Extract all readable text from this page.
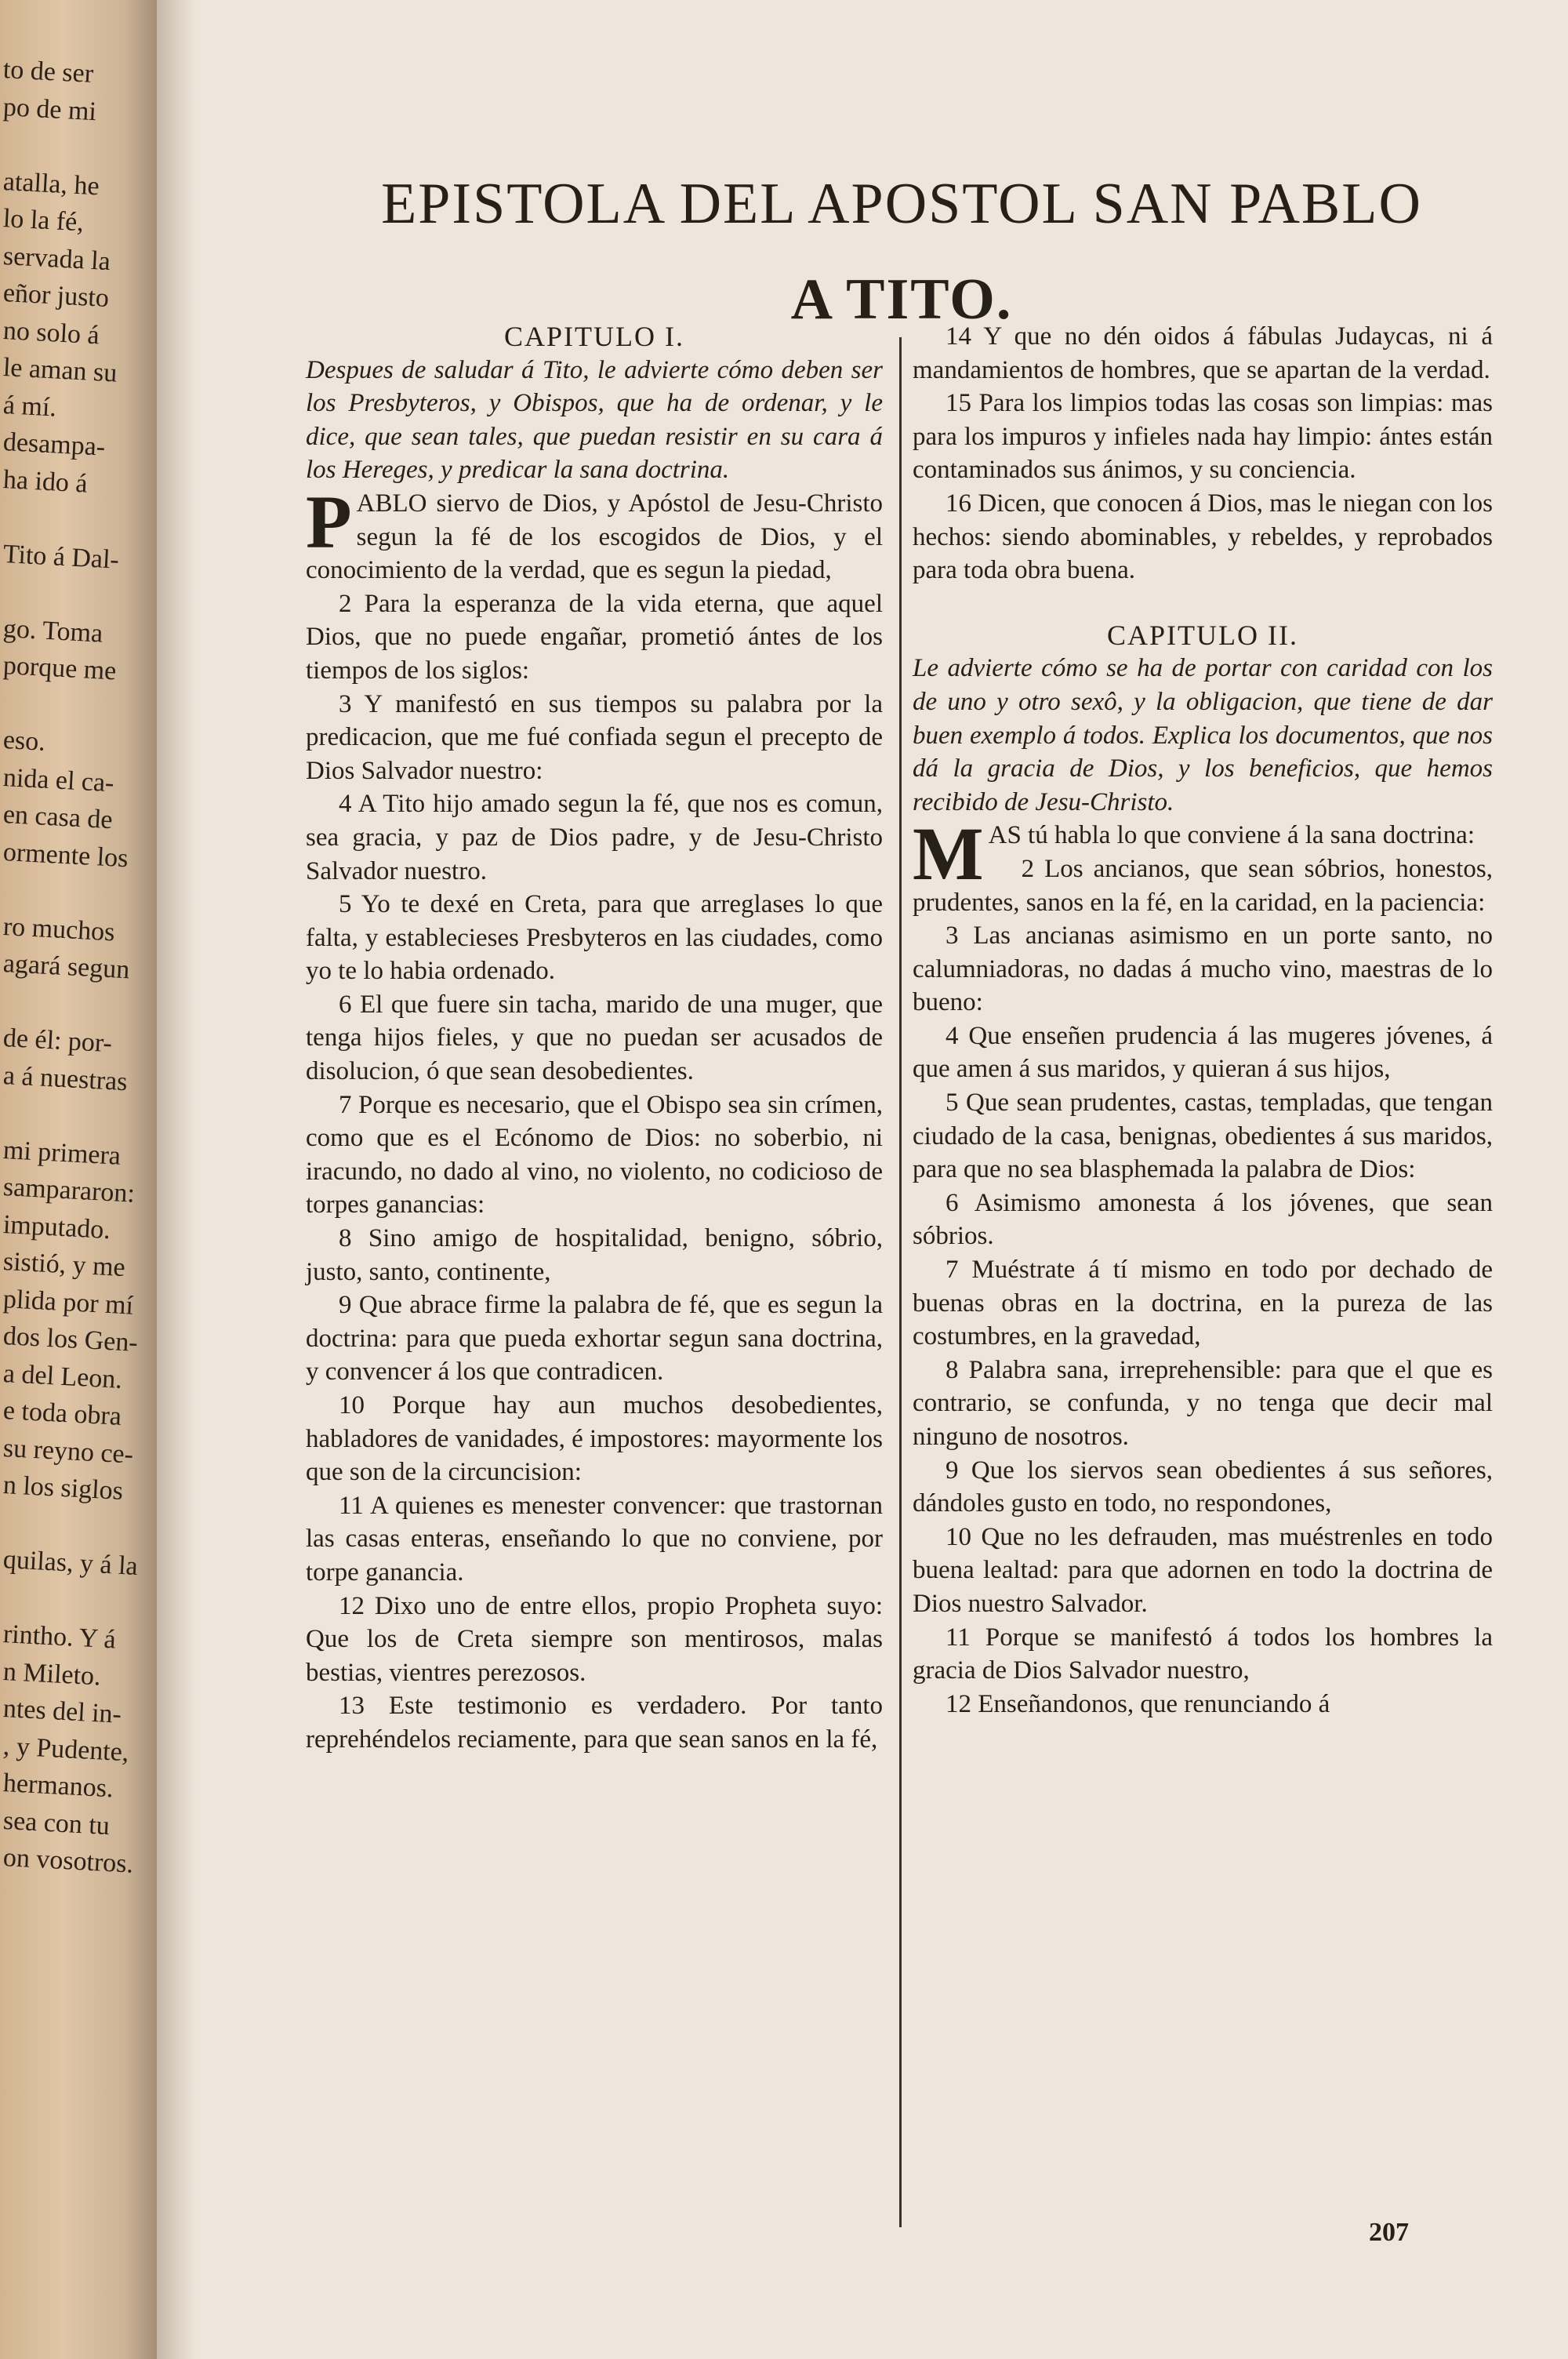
to de ser
po de mi
atalla, he
lo la fé,
servada la
eñor justo
no solo á
le aman su
á mí.
desampa-
ha ido á
Tito á Dal-
go. Toma
porque me
eso.
nida el ca-
en casa de
ormente los
ro muchos
agará segun
de él: por-
a á nuestras
mi primera
sampararon:
imputado.
sistió, y me
plida por mí
dos los Gen-
a del Leon.
e toda obra
su reyno ce-
n los siglos
quilas, y á la
rintho. Y á
n Mileto.
ntes del in-
, y Pudente,
hermanos.
sea con tu
on vosotros.
EPISTOLA DEL APOSTOL SAN PABLO
A TITO.

CAPITULO I.

Despues de saludar á Tito, le advierte cómo deben ser los Presbyteros, y Obispos, que ha de ordenar, y le dice, que sean tales, que puedan resistir en su cara á los Hereges, y predicar la sana doctrina.

PABLO siervo de Dios, y Apóstol de Jesu-Christo segun la fé de los escogidos de Dios, y el conocimiento de la verdad, que es segun la piedad,

2 Para la esperanza de la vida eterna, que aquel Dios, que no puede engañar, prometió ántes de los tiempos de los siglos:

3 Y manifestó en sus tiempos su palabra por la predicacion, que me fué confiada segun el precepto de Dios Salvador nuestro:

4 A Tito hijo amado segun la fé, que nos es comun, sea gracia, y paz de Dios padre, y de Jesu-Christo Salvador nuestro.

5 Yo te dexé en Creta, para que arreglases lo que falta, y establecieses Presbyteros en las ciudades, como yo te lo habia ordenado.

6 El que fuere sin tacha, marido de una muger, que tenga hijos fieles, y que no puedan ser acusados de disolucion, ó que sean desobedientes.

7 Porque es necesario, que el Obispo sea sin crímen, como que es el Ecónomo de Dios: no soberbio, ni iracundo, no dado al vino, no violento, no codicioso de torpes ganancias:

8 Sino amigo de hospitalidad, benigno, sóbrio, justo, santo, continente,

9 Que abrace firme la palabra de fé, que es segun la doctrina: para que pueda exhortar segun sana doctrina, y convencer á los que contradicen.

10 Porque hay aun muchos desobedientes, habladores de vanidades, é impostores: mayormente los que son de la circuncision:

11 A quienes es menester convencer: que trastornan las casas enteras, enseñando lo que no conviene, por torpe ganancia.

12 Dixo uno de entre ellos, propio Propheta suyo: Que los de Creta siempre son mentirosos, malas bestias, vientres perezosos.

13 Este testimonio es verdadero. Por tanto reprehéndelos reciamente, para que sean sanos en la fé,

14 Y que no dén oidos á fábulas Judaycas, ni á mandamientos de hombres, que se apartan de la verdad.

15 Para los limpios todas las cosas son limpias: mas para los impuros y infieles nada hay limpio: ántes están contaminados sus ánimos, y su conciencia.

16 Dicen, que conocen á Dios, mas le niegan con los hechos: siendo abominables, y rebeldes, y reprobados para toda obra buena.

CAPITULO II.

Le advierte cómo se ha de portar con caridad con los de uno y otro sexô, y la obligacion, que tiene de dar buen exemplo á todos. Explica los documentos, que nos dá la gracia de Dios, y los beneficios, que hemos recibido de Jesu-Christo.

MAS tú habla lo que conviene á la sana doctrina:

2 Los ancianos, que sean sóbrios, honestos, prudentes, sanos en la fé, en la caridad, en la paciencia:

3 Las ancianas asimismo en un porte santo, no calumniadoras, no dadas á mucho vino, maestras de lo bueno:

4 Que enseñen prudencia á las mugeres jóvenes, á que amen á sus maridos, y quieran á sus hijos,

5 Que sean prudentes, castas, templadas, que tengan ciudado de la casa, benignas, obedientes á sus maridos, para que no sea blasphemada la palabra de Dios:

6 Asimismo amonesta á los jóvenes, que sean sóbrios.

7 Muéstrate á tí mismo en todo por dechado de buenas obras en la doctrina, en la pureza de las costumbres, en la gravedad,

8 Palabra sana, irreprehensible: para que el que es contrario, se confunda, y no tenga que decir mal ninguno de nosotros.

9 Que los siervos sean obedientes á sus señores, dándoles gusto en todo, no respondones,

10 Que no les defrauden, mas muéstrenles en todo buena lealtad: para que adornen en todo la doctrina de Dios nuestro Salvador.

11 Porque se manifestó á todos los hombres la gracia de Dios Salvador nuestro,

12 Enseñandonos, que renunciando á

207
